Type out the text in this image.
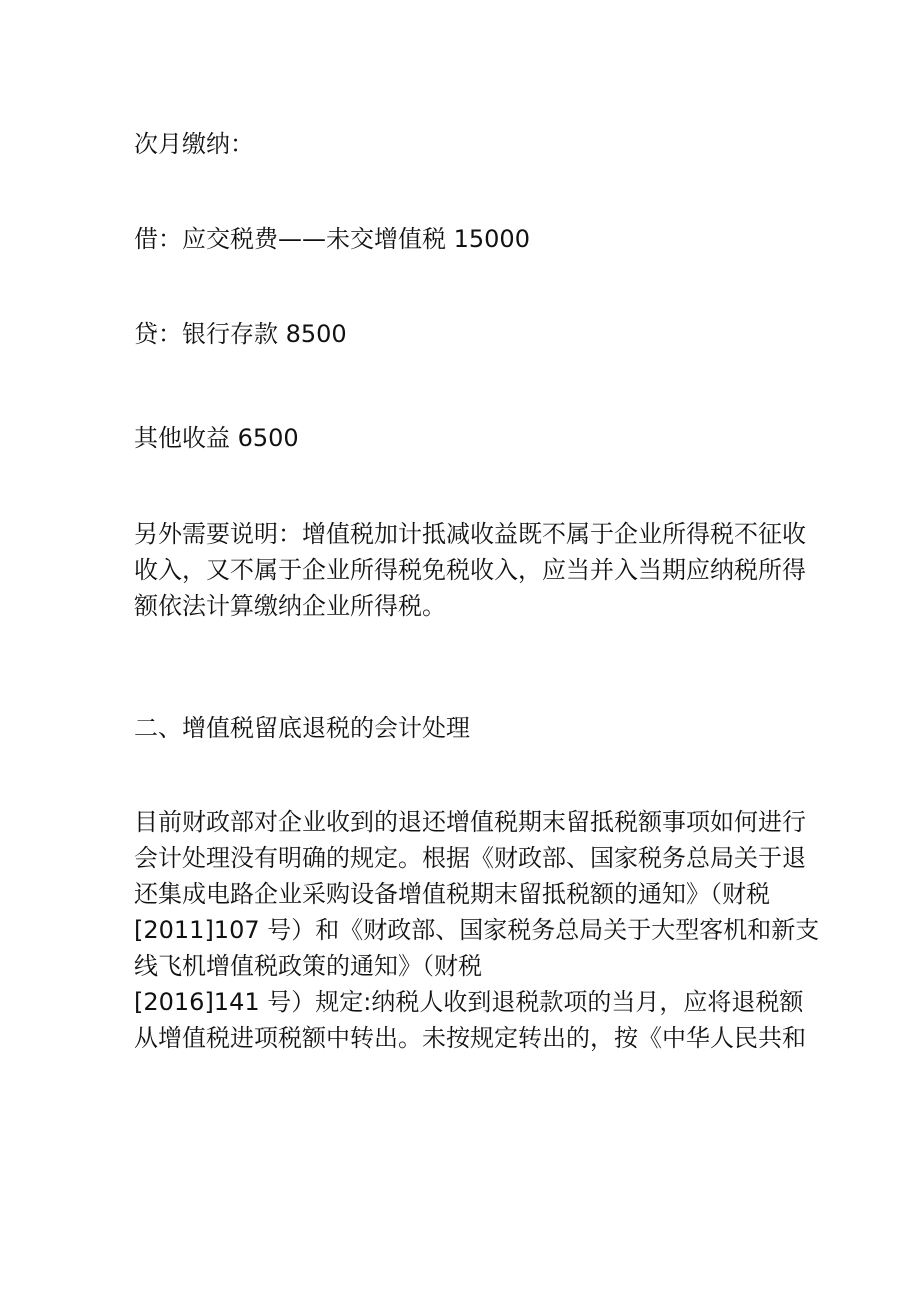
次月缴纳：

借：应交税费——未交增值税 15000

贷：银行存款 8500

其他收益 6500

另外需要说明：增值税加计抵减收益既不属于企业所得税不征收
收入，又不属于企业所得税免税收入，应当并入当期应纳税所得
额依法计算缴纳企业所得税。

二、增值税留底退税的会计处理

目前财政部对企业收到的退还增值税期末留抵税额事项如何进行
会计处理没有明确的规定。根据《财政部、国家税务总局关于退
还集成电路企业采购设备增值税期末留抵税额的通知》（财税
[2011]107 号）和《财政部、国家税务总局关于大型客机和新支
线飞机增值税政策的通知》（财税
[2016]141 号）规定:纳税人收到退税款项的当月，应将退税额
从增值税进项税额中转出。未按规定转出的，按《中华人民共和
